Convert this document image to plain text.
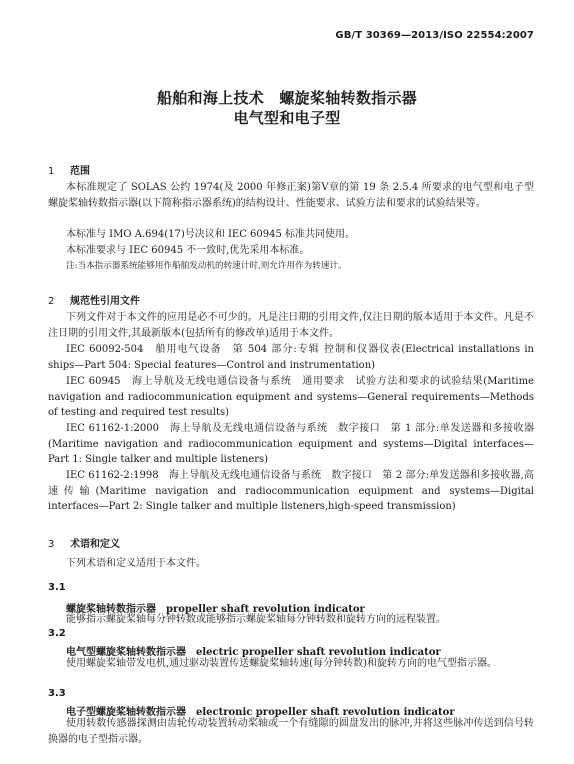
GB/T 30369—2013/ISO 22554:2007
船舶和海上技术　螺旋桨轴转数指示器
电气型和电子型
1 范围
本标准规定了 SOLAS 公约 1974(及 2000 年修正案)第Ⅴ章的第 19 条 2.5.4 所要求的电气型和电子型螺旋桨轴转数指示器(以下简称指示器系统)的结构设计、性能要求、试验方法和要求的试验结果等。
本标准与 IMO A.694(17)号决议和 IEC 60945 标准共同使用。
本标准要求与 IEC 60945 不一致时,优先采用本标准。
注:当本指示器系统能够用作船舶发动机的转速计时,则允许用作为转速计。
2 规范性引用文件
下列文件对于本文件的应用是必不可少的。凡是注日期的引用文件,仅注日期的版本适用于本文件。凡是不注日期的引用文件,其最新版本(包括所有的修改单)适用于本文件。
IEC 60092-504　船用电气设备　第 504 部分:专辑 控制和仪器仪表(Electrical installations in ships—Part 504: Special features—Control and instrumentation)
IEC 60945　海上导航及无线电通信设备与系统　通用要求　试验方法和要求的试验结果(Maritime navigation and radiocommunication equipment and systems—General requirements—Methods of testing and required test results)
IEC 61162-1:2000　海上导航及无线电通信设备与系统　数字接口　第 1 部分:单发送器和多接收器(Maritime navigation and radiocommunication equipment and systems—Digital interfaces—Part 1: Single talker and multiple listeners)
IEC 61162-2:1998　海上导航及无线电通信设备与系统　数字接口　第 2 部分:单发送器和多接收器,高速传输(Maritime navigation and radiocommunication equipment and systems—Digital interfaces—Part 2: Single talker and multiple listeners,high-speed transmission)
3 术语和定义
下列术语和定义适用于本文件。
3.1
螺旋桨轴转数指示器 propeller shaft revolution indicator
能够指示螺旋桨轴每分钟转数或能够指示螺旋桨轴每分钟转数和旋转方向的远程装置。
3.2
电气型螺旋桨轴转数指示器 electric propeller shaft revolution indicator
使用螺旋桨轴带发电机,通过驱动装置传送螺旋桨轴转速(每分钟转数)和旋转方向的电气型指示器。
3.3
电子型螺旋桨轴转数指示器 electronic propeller shaft revolution indicator
使用转数传感器探测由齿轮传动装置转动桨轴或一个有缝隙的圆盘发出的脉冲,并将这些脉冲传送到信号转换器的电子型指示器。
